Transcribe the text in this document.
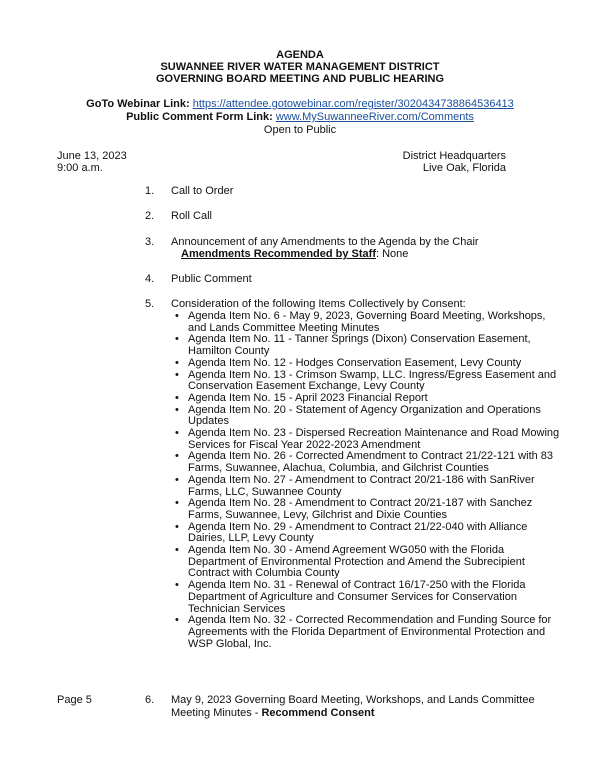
AGENDA
SUWANNEE RIVER WATER MANAGEMENT DISTRICT
GOVERNING BOARD MEETING AND PUBLIC HEARING
GoTo Webinar Link: https://attendee.gotowebinar.com/register/3020434738864536413
Public Comment Form Link: www.MySuwanneeRiver.com/Comments
Open to Public
June 13, 2023
9:00 a.m.
District Headquarters
Live Oak, Florida
1.	Call to Order
2.	Roll Call
3.	Announcement of any Amendments to the Agenda by the Chair
Amendments Recommended by Staff: None
4.	Public Comment
5.	Consideration of the following Items Collectively by Consent:
• Agenda Item No. 6 - May 9, 2023, Governing Board Meeting, Workshops, and Lands Committee Meeting Minutes
• Agenda Item No. 11 - Tanner Springs (Dixon) Conservation Easement, Hamilton County
• Agenda Item No. 12 - Hodges Conservation Easement, Levy County
• Agenda Item No. 13 - Crimson Swamp, LLC. Ingress/Egress Easement and Conservation Easement Exchange, Levy County
• Agenda Item No. 15 - April 2023 Financial Report
• Agenda Item No. 20 - Statement of Agency Organization and Operations Updates
• Agenda Item No. 23 - Dispersed Recreation Maintenance and Road Mowing Services for Fiscal Year 2022-2023 Amendment
• Agenda Item No. 26 - Corrected Amendment to Contract 21/22-121 with 83 Farms, Suwannee, Alachua, Columbia, and Gilchrist Counties
• Agenda Item No. 27 - Amendment to Contract 20/21-186 with SanRiver Farms, LLC, Suwannee County
• Agenda Item No. 28 - Amendment to Contract 20/21-187 with Sanchez Farms, Suwannee, Levy, Gilchrist and Dixie Counties
• Agenda Item No. 29 - Amendment to Contract 21/22-040 with Alliance Dairies, LLP, Levy County
• Agenda Item No. 30 - Amend Agreement WG050 with the Florida Department of Environmental Protection and Amend the Subrecipient Contract with Columbia County
• Agenda Item No. 31 - Renewal of Contract 16/17-250 with the Florida Department of Agriculture and Consumer Services for Conservation Technician Services
• Agenda Item No. 32 - Corrected Recommendation and Funding Source for Agreements with the Florida Department of Environmental Protection and WSP Global, Inc.
Page 5	6.	May 9, 2023 Governing Board Meeting, Workshops, and Lands Committee Meeting Minutes - Recommend Consent
